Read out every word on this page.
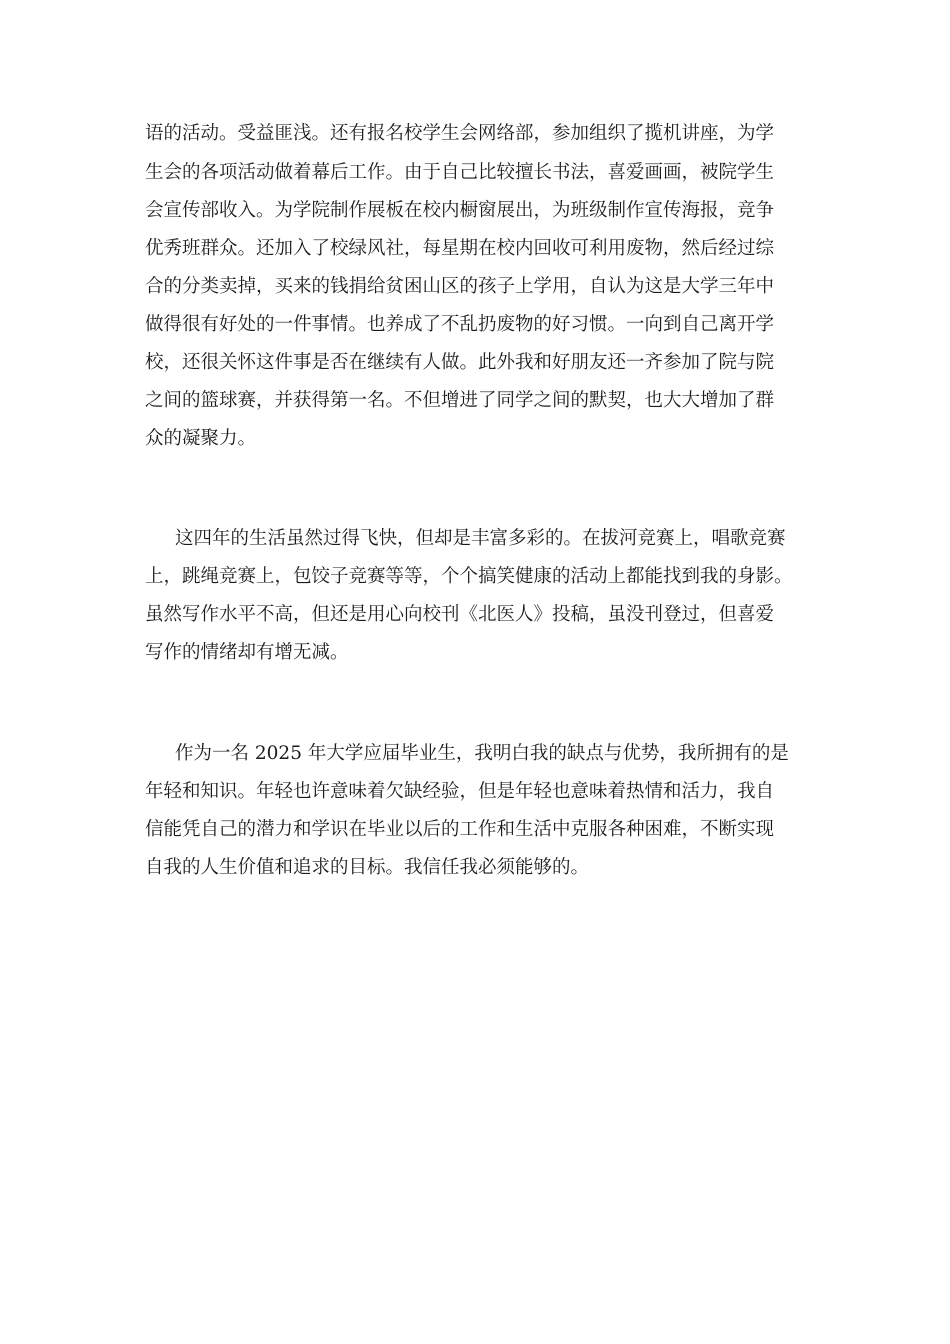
语的活动。受益匪浅。还有报名校学生会网络部，参加组织了揽机讲座，为学

生会的各项活动做着幕后工作。由于自己比较擅长书法，喜爱画画，被院学生

会宣传部收入。为学院制作展板在校内橱窗展出，为班级制作宣传海报，竞争

优秀班群众。还加入了校绿风社，每星期在校内回收可利用废物，然后经过综

合的分类卖掉，买来的钱捐给贫困山区的孩子上学用，自认为这是大学三年中

做得很有好处的一件事情。也养成了不乱扔废物的好习惯。一向到自己离开学

校，还很关怀这件事是否在继续有人做。此外我和好朋友还一齐参加了院与院

之间的篮球赛，并获得第一名。不但增进了同学之间的默契，也大大增加了群

众的凝聚力。

这四年的生活虽然过得飞快，但却是丰富多彩的。在拔河竞赛上，唱歌竞赛

上，跳绳竞赛上，包饺子竞赛等等，个个搞笑健康的活动上都能找到我的身影。

虽然写作水平不高，但还是用心向校刊《北医人》投稿，虽没刊登过，但喜爱

写作的情绪却有增无减。

作为一名 2025 年大学应届毕业生，我明白我的缺点与优势，我所拥有的是

年轻和知识。年轻也许意味着欠缺经验，但是年轻也意味着热情和活力，我自

信能凭自己的潜力和学识在毕业以后的工作和生活中克服各种困难，不断实现

自我的人生价值和追求的目标。我信任我必须能够的。
